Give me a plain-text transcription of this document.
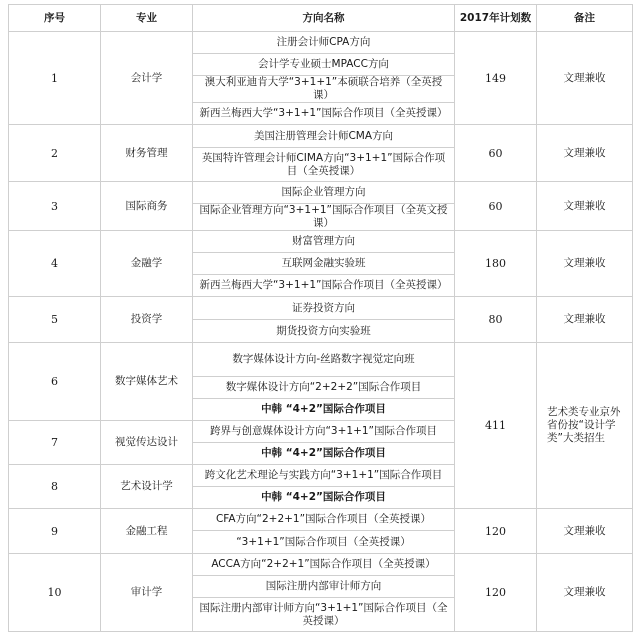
序号	专业	方向名称	2017年计划数	备注
1	会计学	注册会计师CPA方向	149	文理兼收
		会计学专业硕士MPACC方向		
		澳大利亚迪肯大学“3+1+1”本硕联合培养（全英授课）		
		新西兰梅西大学“3+1+1”国际合作项目（全英授课）		
2	财务管理	美国注册管理会计师CMA方向	60	文理兼收
		英国特许管理会计师CIMA方向“3+1+1”国际合作项目（全英授课）		
3	国际商务	国际企业管理方向	60	文理兼收
		国际企业管理方向“3+1+1”国际合作项目（全英文授课）		
4	金融学	财富管理方向	180	文理兼收
		互联网金融实验班		
		新西兰梅西大学“3+1+1”国际合作项目（全英授课）		
5	投资学	证券投资方向	80	文理兼收
		期货投资方向实验班		
6	数字媒体艺术	数字媒体设计方向-丝路数字视觉定向班	411	艺术类专业京外省份按“设计学类”大类招生
		数字媒体设计方向“2+2+2”国际合作项目		
		中韩 “4+2”国际合作项目		
7	视觉传达设计	跨界与创意媒体设计方向“3+1+1”国际合作项目		
		中韩 “4+2”国际合作项目		
8	艺术设计学	跨文化艺术理论与实践方向“3+1+1”国际合作项目		
		中韩 “4+2”国际合作项目		
9	金融工程	CFA方向“2+2+1”国际合作项目（全英授课）	120	文理兼收
		“3+1+1”国际合作项目（全英授课）		
10	审计学	ACCA方向“2+2+1”国际合作项目（全英授课）	120	文理兼收
		国际注册内部审计师方向		
		国际注册内部审计师方向“3+1+1”国际合作项目（全英授课）		
